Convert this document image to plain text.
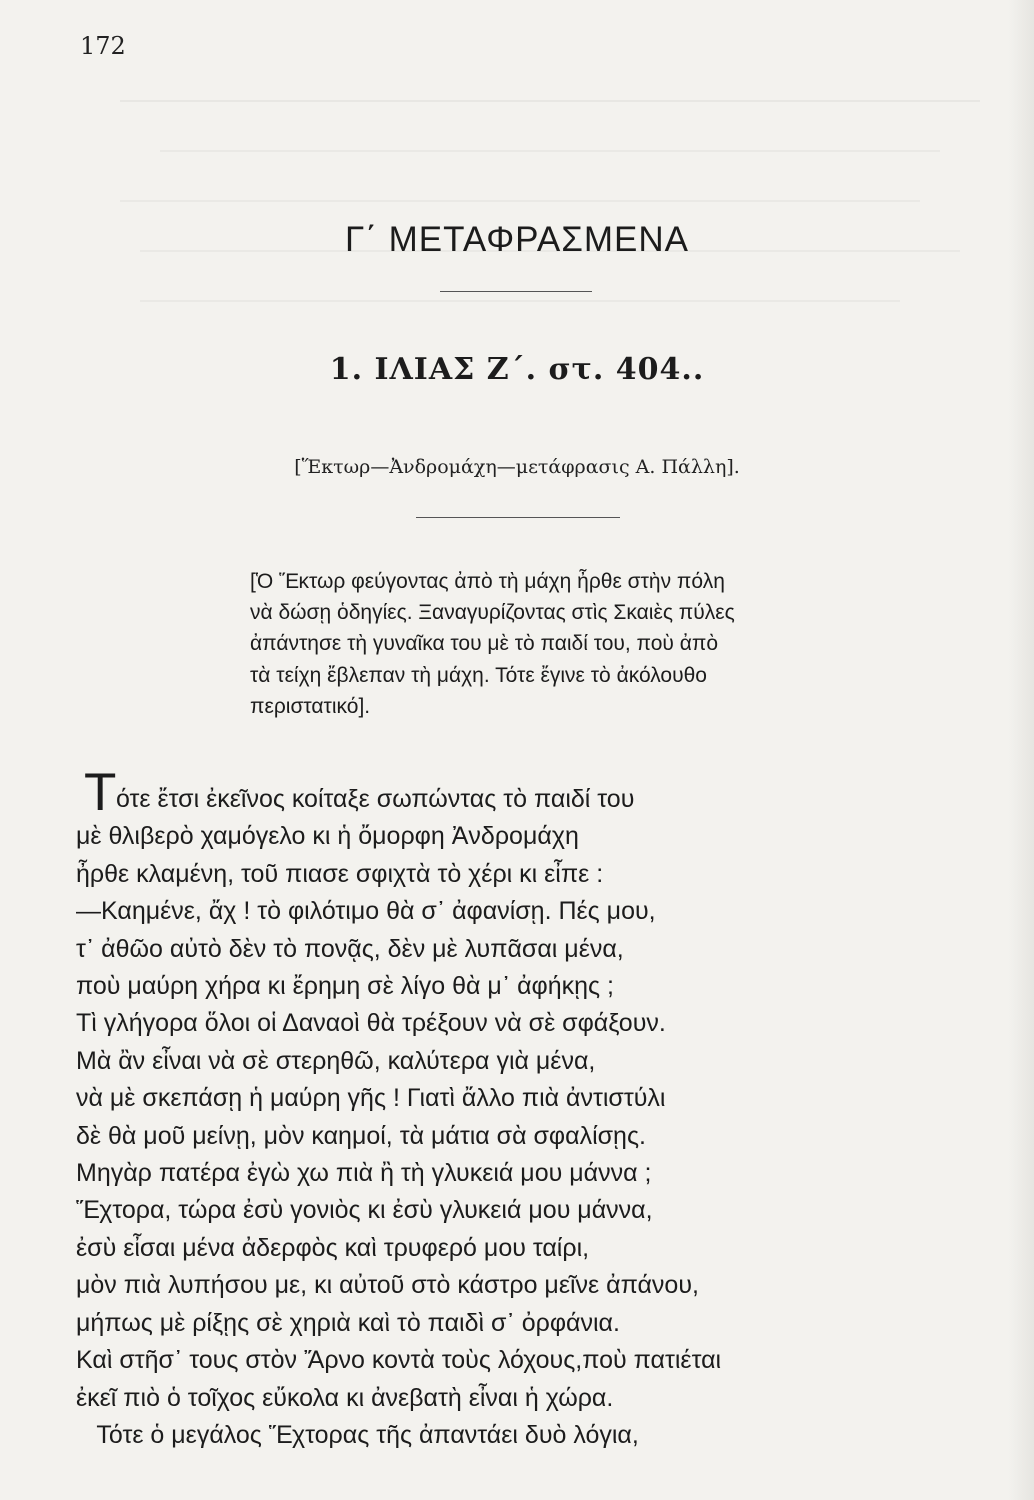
172
Γ΄ ΜΕΤΑΦΡΑΣΜΕΝΑ
1. ΙΛΙΑΣ Ζ΄. στ. 404..
[Ἕκτωρ—Ἀνδρομάχη—μετάφρασις Α. Πάλλη].
[Ὁ Ἕκτωρ φεύγοντας ἀπὸ τὴ μάχη ἦρθε στὴν πόλη
νὰ δώσῃ ὁδηγίες. Ξαναγυρίζοντας στὶς Σκαιὲς πύλες
ἀπάντησε τὴ γυναῖκα του μὲ τὸ παιδί του, ποὺ ἀπὸ
τὰ τείχη ἔβλεπαν τὴ μάχη. Τότε ἔγινε τὸ ἀκόλουθο
περιστατικό].
Τ ότε ἔτσι ἐκεῖνος κοίταξε σωπώντας τὸ παιδί του
μὲ θλιβερὸ χαμόγελο κι ἡ ὄμορφη Ἀνδρομάχη
ἦρθε κλαμένη, τοῦ πιασε σφιχτὰ τὸ χέρι κι εἶπε :
—Καημένε, ἄχ ! τὸ φιλότιμο θὰ σ᾿ ἀφανίσῃ. Πές μου,
τ᾿ ἀθῶο αὐτὸ δὲν τὸ πονᾷς, δὲν μὲ λυπᾶσαι μένα,
ποὺ μαύρη χήρα κι ἔρημη σὲ λίγο θὰ μ᾿ ἀφήκῃς ;
Τὶ γλήγορα ὅλοι οἱ Δαναοὶ θὰ τρέξουν νὰ σὲ σφάξουν.
Μὰ ἂν εἶναι νὰ σὲ στερηθῶ, καλύτερα γιὰ μένα,
νὰ μὲ σκεπάσῃ ἡ μαύρη γῆς ! Γιατὶ ἄλλο πιὰ ἀντιστύλι
δὲ θὰ μοῦ μείνῃ, μὸν καημοί, τὰ μάτια σὰ σφαλίσῃς.
Μηγὰρ πατέρα ἐγὼ χω πιὰ ἢ τὴ γλυκειά μου μάννα ;
Ἕχτορα, τώρα ἐσὺ γονιὸς κι ἐσὺ γλυκειά μου μάννα,
ἐσὺ εἶσαι μένα ἀδερφὸς καὶ τρυφερό μου ταίρι,
μὸν πιὰ λυπήσου με, κι αὐτοῦ στὸ κάστρο μεῖνε ἀπάνου,
μήπως μὲ ρίξῃς σὲ χηριὰ καὶ τὸ παιδὶ σ᾿ ὀρφάνια.
Καὶ στῆσ᾿ τους στὸν Ἄρνο κοντὰ τοὺς λόχους,ποὺ πατιέται
ἐκεῖ πιὸ ὁ τοῖχος εὔκολα κι ἀνεβατὴ εἶναι ἡ χώρα.
Τότε ὁ μεγάλος Ἕχτορας τῆς ἀπαντάει δυὸ λόγια,
